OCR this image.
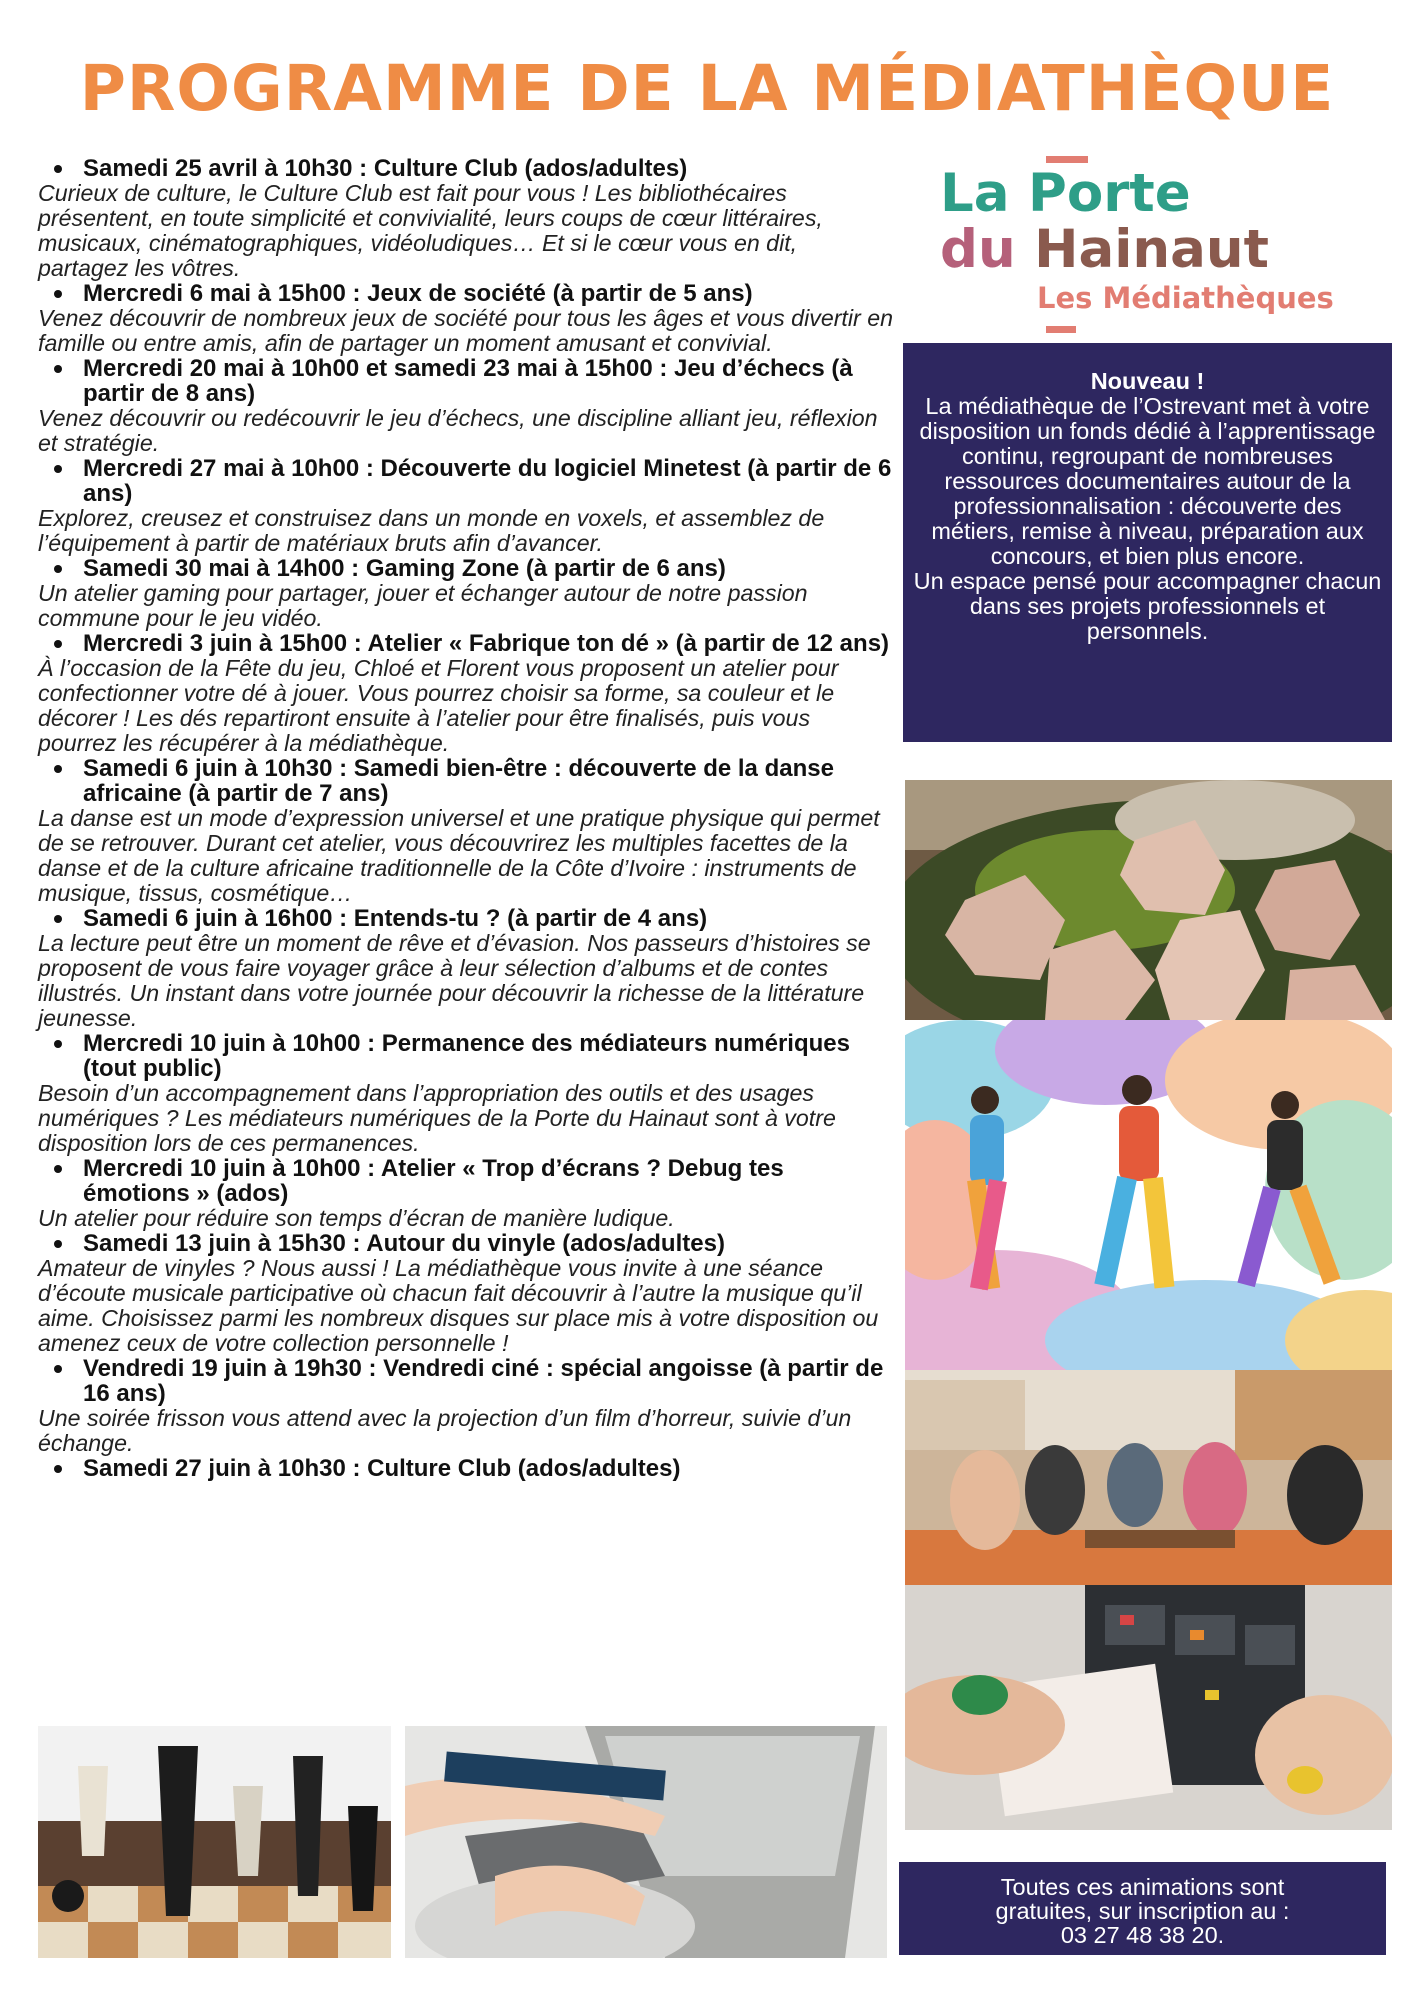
PROGRAMME DE LA MÉDIATHÈQUE
Samedi 25 avril à 10h30 : Culture Club (ados/adultes)
Curieux de culture, le Culture Club est fait pour vous ! Les bibliothécaires présentent, en toute simplicité et convivialité, leurs coups de cœur littéraires, musicaux, cinématographiques, vidéoludiques… Et si le cœur vous en dit, partagez les vôtres.
Mercredi 6 mai à 15h00 : Jeux de société (à partir de 5 ans)
Venez découvrir de nombreux jeux de société pour tous les âges et vous divertir en famille ou entre amis, afin de partager un moment amusant et convivial.
Mercredi 20 mai à 10h00 et samedi 23 mai à 15h00 : Jeu d’échecs (à partir de 8 ans)
Venez découvrir ou redécouvrir le jeu d’échecs, une discipline alliant jeu, réflexion et stratégie.
Mercredi 27 mai à 10h00 : Découverte du logiciel Minetest (à partir de 6 ans)
Explorez, creusez et construisez dans un monde en voxels, et assemblez de l’équipement à partir de matériaux bruts afin d’avancer.
Samedi 30 mai à 14h00 : Gaming Zone (à partir de 6 ans)
Un atelier gaming pour partager, jouer et échanger autour de notre passion commune pour le jeu vidéo.
Mercredi 3 juin à 15h00 : Atelier « Fabrique ton dé » (à partir de 12 ans)
À l’occasion de la Fête du jeu, Chloé et Florent vous proposent un atelier pour confectionner votre dé à jouer. Vous pourrez choisir sa forme, sa couleur et le décorer ! Les dés repartiront ensuite à l’atelier pour être finalisés, puis vous pourrez les récupérer à la médiathèque.
Samedi 6 juin à 10h30 : Samedi bien-être : découverte de la danse africaine (à partir de 7 ans)
La danse est un mode d’expression universel et une pratique physique qui permet de se retrouver. Durant cet atelier, vous découvrirez les multiples facettes de la danse et de la culture africaine traditionnelle de la Côte d’Ivoire : instruments de musique, tissus, cosmétique…
Samedi 6 juin à 16h00 : Entends-tu ? (à partir de 4 ans)
La lecture peut être un moment de rêve et d’évasion. Nos passeurs d’histoires se proposent de vous faire voyager grâce à leur sélection d’albums et de contes illustrés. Un instant dans votre journée pour découvrir la richesse de la littérature jeunesse.
Mercredi 10 juin à 10h00 : Permanence des médiateurs numériques (tout public)
Besoin d’un accompagnement dans l’appropriation des outils et des usages numériques ? Les médiateurs numériques de la Porte du Hainaut sont à votre disposition lors de ces permanences.
Mercredi 10 juin à 10h00 : Atelier « Trop d’écrans ? Debug tes émotions » (ados)
Un atelier pour réduire son temps d’écran de manière ludique.
Samedi 13 juin à 15h30 : Autour du vinyle (ados/adultes)
Amateur de vinyles ? Nous aussi ! La médiathèque vous invite à une séance d’écoute musicale participative où chacun fait découvrir à l’autre la musique qu’il aime. Choisissez parmi les nombreux disques sur place mis à votre disposition ou amenez ceux de votre collection personnelle !
Vendredi 19 juin à 19h30 : Vendredi ciné : spécial angoisse (à partir de 16 ans)
Une soirée frisson vous attend avec la projection d’un film d’horreur, suivie d’un échange.
Samedi 27 juin à 10h30 : Culture Club (ados/adultes)
La Porte
du Hainaut
Les Médiathèques
Nouveau !
La médiathèque de l’Ostrevant met à votre disposition un fonds dédié à l’apprentissage continu, regroupant de nombreuses ressources documentaires autour de la professionnalisation : découverte des métiers, remise à niveau, préparation aux concours, et bien plus encore.
Un espace pensé pour accompagner chacun dans ses projets professionnels et personnels.
Toutes ces animations sont
gratuites, sur inscription au :
03 27 48 38 20.
